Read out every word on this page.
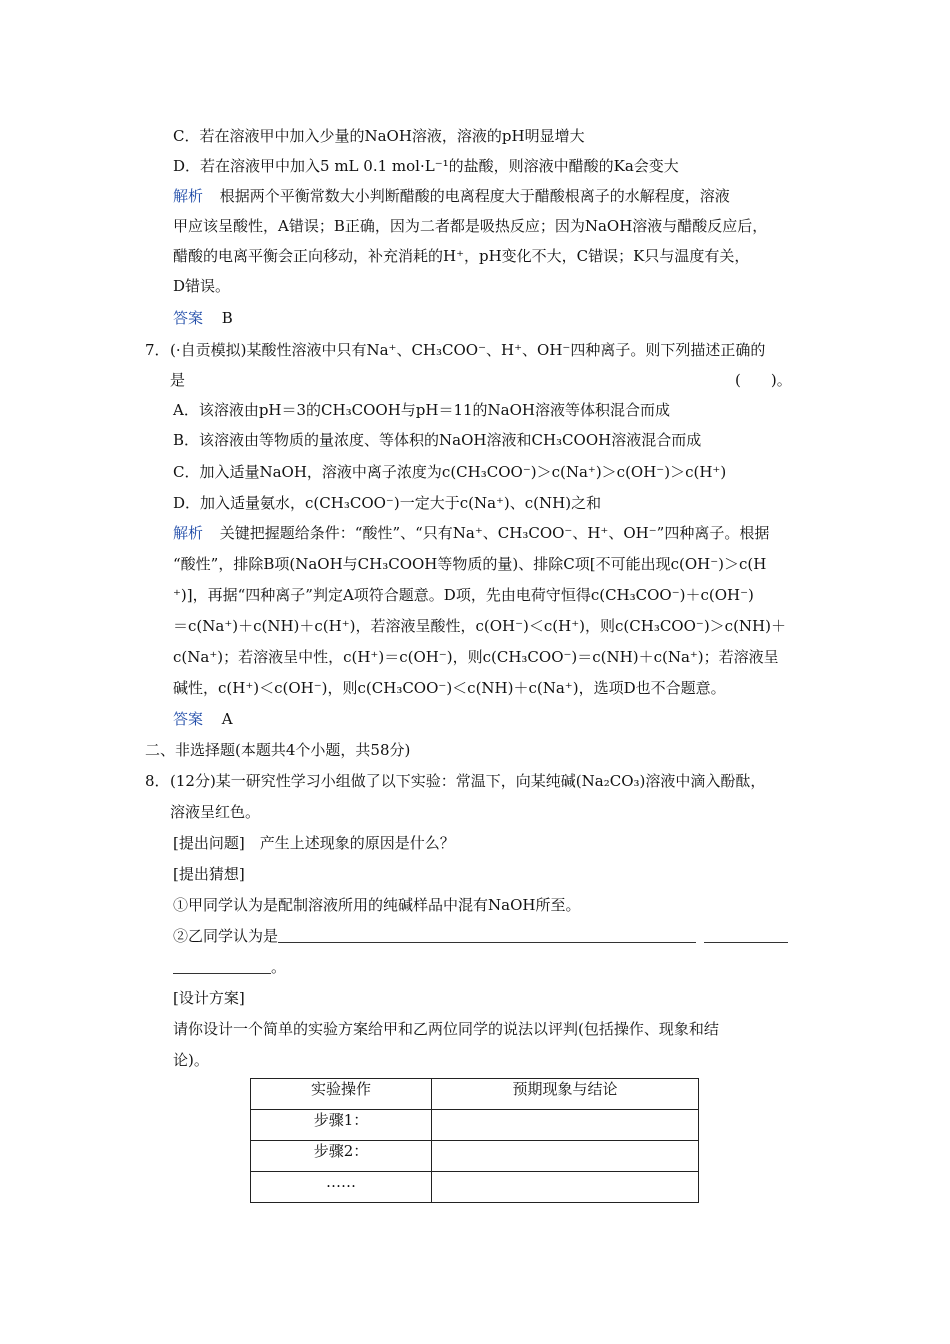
C．若在溶液甲中加入少量的NaOH溶液，溶液的pH明显增大
D．若在溶液甲中加入5 mL 0.1 mol·L⁻¹的盐酸，则溶液中醋酸的Ka会变大
解析 根据两个平衡常数大小判断醋酸的电离程度大于醋酸根离子的水解程度，溶液
甲应该呈酸性，A错误；B正确，因为二者都是吸热反应；因为NaOH溶液与醋酸反应后，
醋酸的电离平衡会正向移动，补充消耗的H⁺，pH变化不大，C错误；K只与温度有关，
D错误。
答案 B
7． (·自贡模拟)某酸性溶液中只有Na⁺、CH₃COO⁻、H⁺、OH⁻四种离子。则下列描述正确的
是	(　　)。
A．该溶液由pH＝3的CH₃COOH与pH＝11的NaOH溶液等体积混合而成
B．该溶液由等物质的量浓度、等体积的NaOH溶液和CH₃COOH溶液混合而成
C．加入适量NaOH，溶液中离子浓度为c(CH₃COO⁻)＞c(Na⁺)＞c(OH⁻)＞c(H⁺)
D．加入适量氨水，c(CH₃COO⁻)一定大于c(Na⁺)、c(NH)之和
解析 关键把握题给条件：“酸性”、“只有Na⁺、CH₃COO⁻、H⁺、OH⁻”四种离子。根据
“酸性”，排除B项(NaOH与CH₃COOH等物质的量)、排除C项[不可能出现c(OH⁻)＞c(H
⁺)]，再据“四种离子”判定A项符合题意。D项，先由电荷守恒得c(CH₃COO⁻)＋c(OH⁻)
＝c(Na⁺)＋c(NH)＋c(H⁺)，若溶液呈酸性，c(OH⁻)＜c(H⁺)，则c(CH₃COO⁻)＞c(NH)＋
c(Na⁺)；若溶液呈中性，c(H⁺)＝c(OH⁻)，则c(CH₃COO⁻)＝c(NH)＋c(Na⁺)；若溶液呈
碱性，c(H⁺)＜c(OH⁻)，则c(CH₃COO⁻)＜c(NH)＋c(Na⁺)，选项D也不合题意。
答案 A
二、非选择题(本题共4个小题，共58分)
8． (12分)某一研究性学习小组做了以下实验：常温下，向某纯碱(Na₂CO₃)溶液中滴入酚酞，
溶液呈红色。
[提出问题]　产生上述现象的原因是什么？
[提出猜想]
①甲同学认为是配制溶液所用的纯碱样品中混有NaOH所至。
②乙同学认为是
。
[设计方案]
请你设计一个简单的实验方案给甲和乙两位同学的说法以评判(包括操作、现象和结
论)。
实验操作	预期现象与结论
步骤1：	
步骤2：	
……	
